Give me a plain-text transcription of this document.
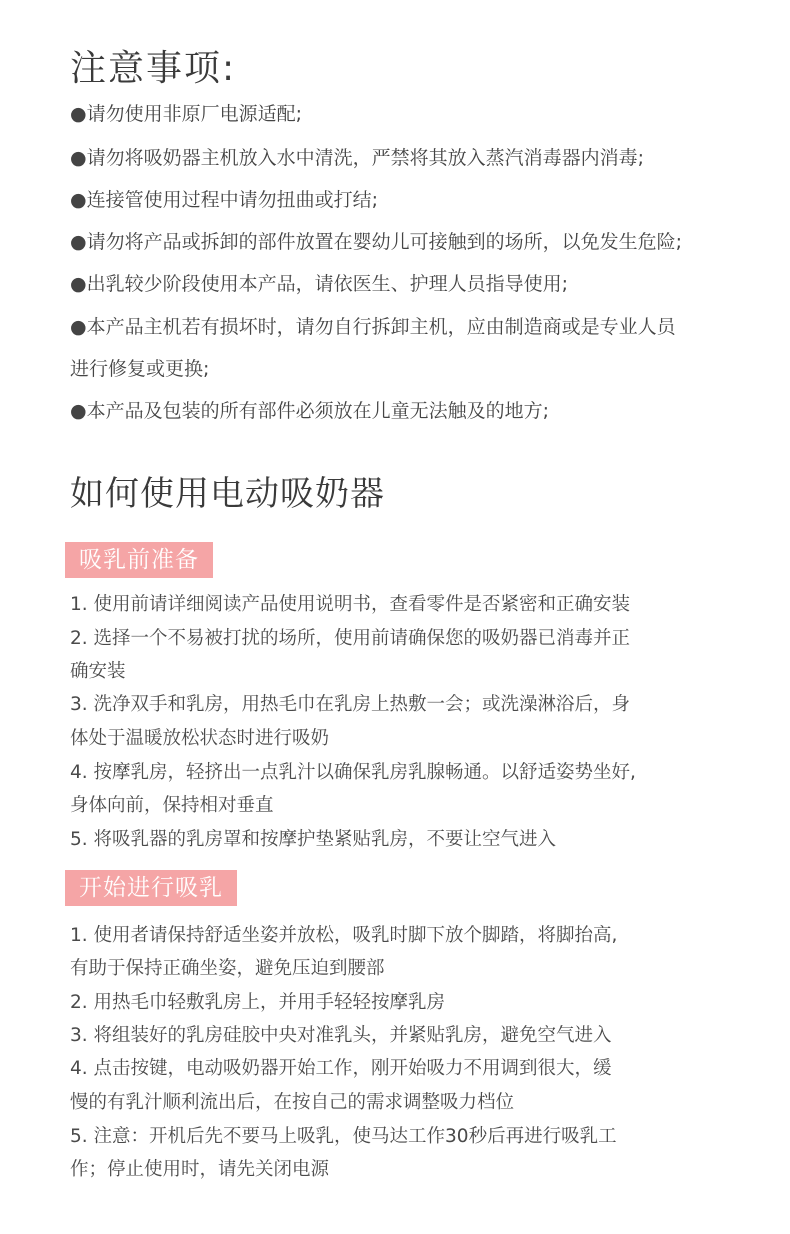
注意事项:
●请勿使用非原厂电源适配;
●请勿将吸奶器主机放入水中清洗，严禁将其放入蒸汽消毒器内消毒;
●连接管使用过程中请勿扭曲或打结;
●请勿将产品或拆卸的部件放置在婴幼儿可接触到的场所，以免发生危险;
●出乳较少阶段使用本产品，请依医生、护理人员指导使用;
●本产品主机若有损坏时，请勿自行拆卸主机，应由制造商或是专业人员
进行修复或更换;
●本产品及包装的所有部件必须放在儿童无法触及的地方;
如何使用电动吸奶器
吸乳前准备
1. 使用前请详细阅读产品使用说明书，查看零件是否紧密和正确安装
2. 选择一个不易被打扰的场所，使用前请确保您的吸奶器已消毒并正
确安装
3. 洗净双手和乳房，用热毛巾在乳房上热敷一会；或洗澡淋浴后，身
体处于温暖放松状态时进行吸奶
4. 按摩乳房，轻挤出一点乳汁以确保乳房乳腺畅通。以舒适姿势坐好,
身体向前，保持相对垂直
5. 将吸乳器的乳房罩和按摩护垫紧贴乳房，不要让空气进入
开始进行吸乳
1. 使用者请保持舒适坐姿并放松，吸乳时脚下放个脚踏，将脚抬高,
有助于保持正确坐姿，避免压迫到腰部
2. 用热毛巾轻敷乳房上，并用手轻轻按摩乳房
3. 将组装好的乳房硅胶中央对准乳头，并紧贴乳房，避免空气进入
4. 点击按键，电动吸奶器开始工作，刚开始吸力不用调到很大，缓
慢的有乳汁顺利流出后，在按自己的需求调整吸力档位
5. 注意：开机后先不要马上吸乳，使马达工作30秒后再进行吸乳工
作；停止使用时，请先关闭电源
